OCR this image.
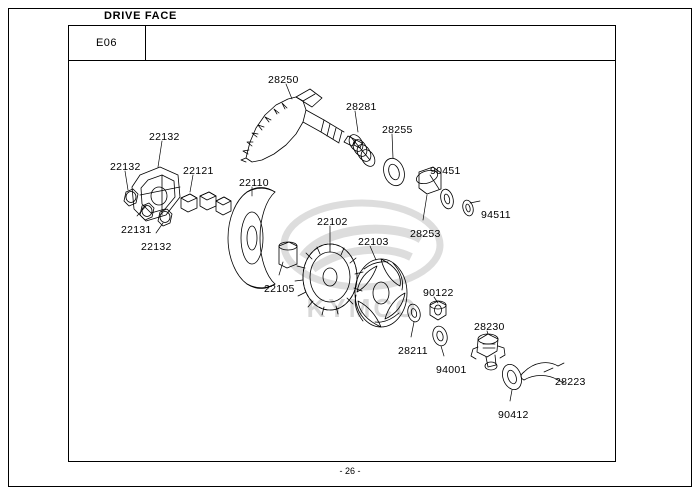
E06
DRIVE FACE
KYMCO
28250
28281
28255
22132
22132	22121	90451
22110
94511
22102
22131	28253
22132	22103
22105	90122
28230
28211
94001
28223
90412
- 26 -
